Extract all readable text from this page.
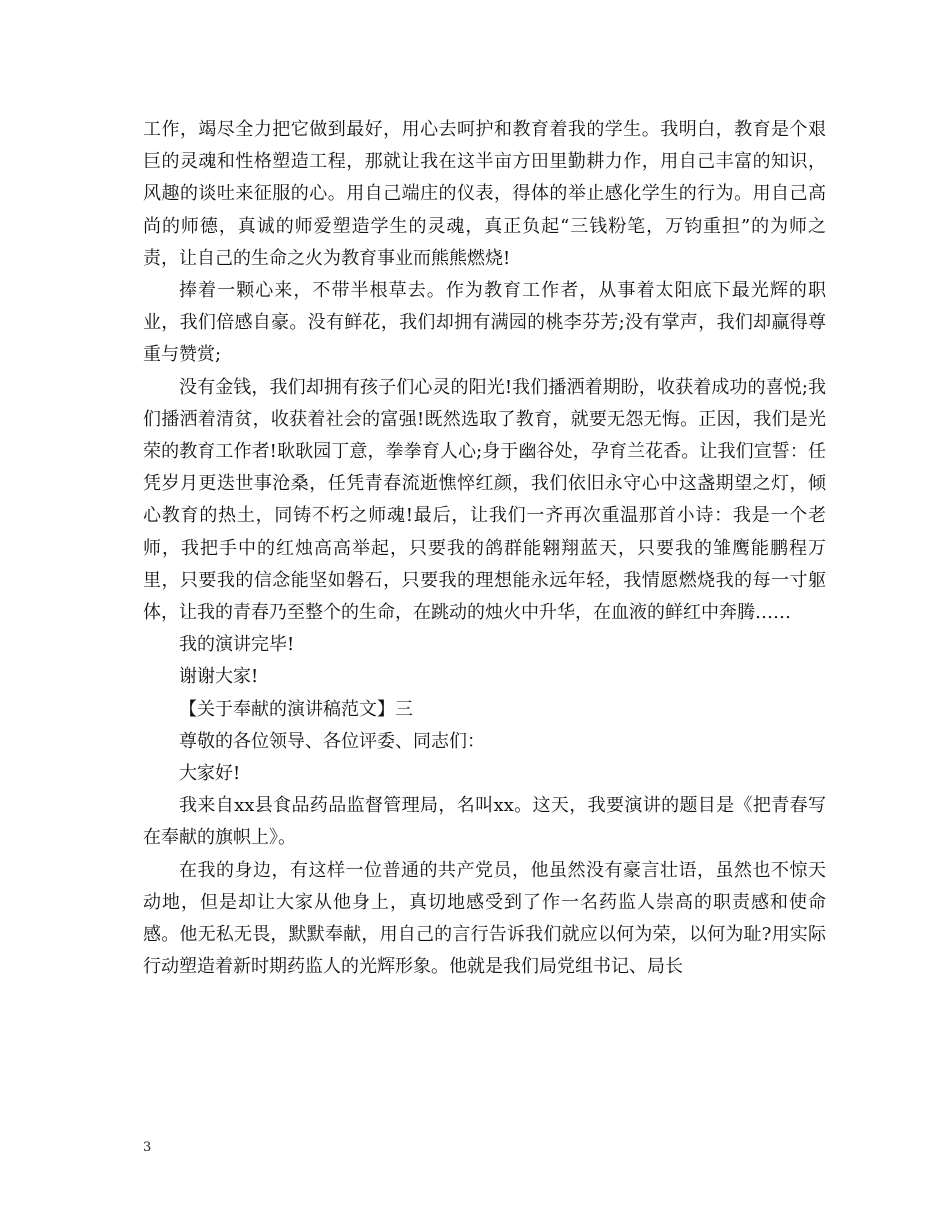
工作，竭尽全力把它做到最好，用心去呵护和教育着我的学生。我明白，教育是个艰巨的灵魂和性格塑造工程，那就让我在这半亩方田里勤耕力作，用自己丰富的知识，风趣的谈吐来征服的心。用自己端庄的仪表，得体的举止感化学生的行为。用自己高尚的师德，真诚的师爱塑造学生的灵魂，真正负起“三钱粉笔，万钧重担”的为师之责，让自己的生命之火为教育事业而熊熊燃烧!

捧着一颗心来，不带半根草去。作为教育工作者，从事着太阳底下最光辉的职业，我们倍感自豪。没有鲜花，我们却拥有满园的桃李芬芳;没有掌声，我们却赢得尊重与赞赏;

没有金钱，我们却拥有孩子们心灵的阳光!我们播洒着期盼，收获着成功的喜悦;我们播洒着清贫，收获着社会的富强!既然选取了教育，就要无怨无悔。正因，我们是光荣的教育工作者!耿耿园丁意，拳拳育人心;身于幽谷处，孕育兰花香。让我们宣誓：任凭岁月更迭世事沧桑，任凭青春流逝憔悴红颜，我们依旧永守心中这盏期望之灯，倾心教育的热土，同铸不朽之师魂!最后，让我们一齐再次重温那首小诗：我是一个老师，我把手中的红烛高高举起，只要我的鸽群能翱翔蓝天，只要我的雏鹰能鹏程万里，只要我的信念能坚如磐石，只要我的理想能永远年轻，我情愿燃烧我的每一寸躯体，让我的青春乃至整个的生命，在跳动的烛火中升华，在血液的鲜红中奔腾……

我的演讲完毕!

谢谢大家!

【关于奉献的演讲稿范文】三

尊敬的各位领导、各位评委、同志们：

大家好!

我来自xx县食品药品监督管理局，名叫xx。这天，我要演讲的题目是《把青春写在奉献的旗帜上》。

在我的身边，有这样一位普通的共产党员，他虽然没有豪言壮语，虽然也不惊天动地，但是却让大家从他身上，真切地感受到了作一名药监人崇高的职责感和使命感。他无私无畏，默默奉献，用自己的言行告诉我们就应以何为荣，以何为耻?用实际行动塑造着新时期药监人的光辉形象。他就是我们局党组书记、局长

3
